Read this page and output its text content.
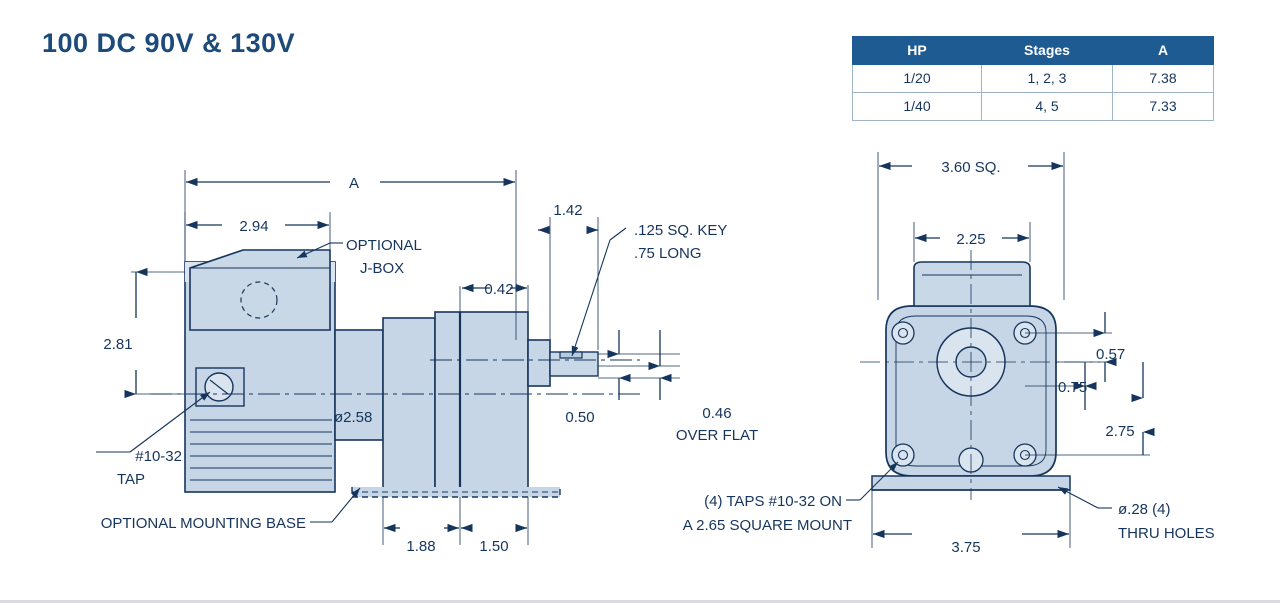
100 DC 90V & 130V	HP	Stages	A
1/20	1, 2, 3	7.38
1/40	4, 5	7.33
A
2.94
2.81
ø2.58
0.42
1.42
0.50	0.46
OVER FLAT
1.88	1.50
OPTIONAL
J-BOX
.125 SQ. KEY
.75 LONG
#10-32
TAP
OPTIONAL MOUNTING BASE
3.60 SQ.
2.25
0.57
0.75
2.75
3.75
(4) TAPS #10-32 ON
A 2.65 SQUARE MOUNT
ø.28 (4)
THRU HOLES
